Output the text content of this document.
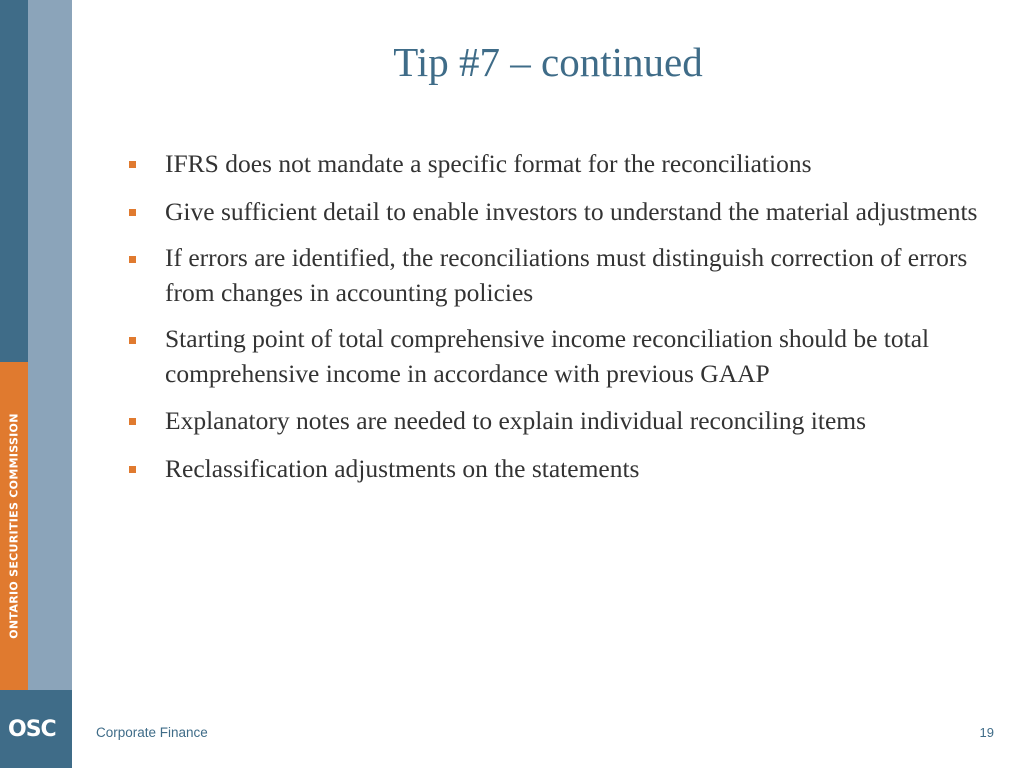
ONTARIO SECURITIES COMMISSION
OSC
Tip #7 – continued
IFRS does not mandate a specific format for the reconciliations
Give sufficient detail to enable investors to understand the material adjustments
If errors are identified, the reconciliations must distinguish correction of errors from changes in accounting policies
Starting point of total comprehensive income reconciliation should be total comprehensive income in accordance with previous GAAP
Explanatory notes are needed to explain individual reconciling items
Reclassification adjustments on the statements
Corporate Finance	19
